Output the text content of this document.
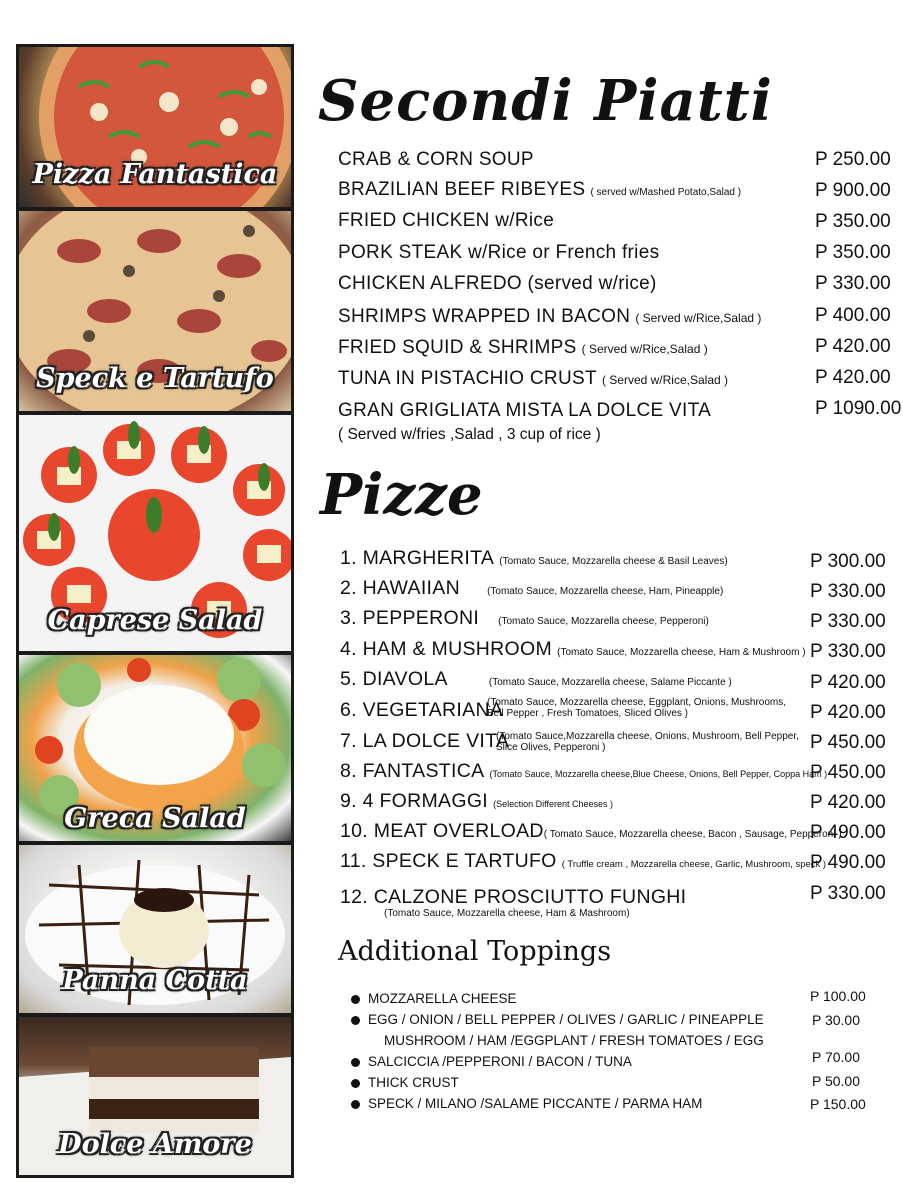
Pizza Fantastica
Speck e Tartufo
Caprese Salad
Greca Salad
Panna Cotta
Dolce Amore
Secondi Piatti
CRAB & CORN SOUP	P 250.00
BRAZILIAN BEEF RIBEYES ( served w/Mashed Potato,Salad )	P 900.00
FRIED CHICKEN w/Rice	P 350.00
PORK STEAK w/Rice or French fries	P 350.00
CHICKEN ALFREDO (served w/rice)	P 330.00
SHRIMPS WRAPPED IN BACON ( Served w/Rice,Salad )	P 400.00
FRIED SQUID & SHRIMPS ( Served w/Rice,Salad )	P 420.00
TUNA IN PISTACHIO CRUST ( Served w/Rice,Salad )	P 420.00
GRAN GRIGLIATA MISTA LA DOLCE VITA	P 1090.00
( Served w/fries ,Salad , 3 cup of rice )
Pizze
1. MARGHERITA (Tomato Sauce, Mozzarella cheese & Basil Leaves)	P 300.00
2. HAWAIIAN	(Tomato Sauce, Mozzarella cheese, Ham, Pineapple)	P 330.00
3. PEPPERONI (Tomato Sauce, Mozzarella cheese, Pepperoni)	P 330.00
4. HAM & MUSHROOM (Tomato Sauce, Mozzarella cheese, Ham & Mushroom ) P 330.00
5. DIAVOLA	(Tomato Sauce, Mozzarella cheese, Salame Piccante )	P 420.00
6. VEGETARIANA
(Tomato Sauce, Mozzarella cheese, Eggplant, Onions, Mushrooms,
Bell Pepper , Fresh Tomatoes, Sliced Olives )	P 420.00
7. LA DOLCE VITA
(Tomato Sauce,Mozzarella cheese, Onions, Mushroom, Bell Pepper,
Slice Olives, Pepperoni )	P 450.00
8. FANTASTICA (Tomato Sauce, Mozzarella cheese,Blue Cheese, Onions, Bell Pepper, Coppa Ham )
P 450.00
9. 4 FORMAGGI (Selection Different Cheeses )	P 420.00
10. MEAT OVERLOAD( Tomato Sauce, Mozzarella cheese, Bacon , Sausage, Pepperoni )
P 490.00
11. SPECK E TARTUFO ( Truffle cream , Mozzarella cheese, Garlic, Mushroom, speck )
P 490.00
12. CALZONE PROSCIUTTO FUNGHI
(Tomato Sauce, Mozzarella cheese, Ham & Mashroom)
P 330.00
Additional Toppings
MOZZARELLA CHEESE	P 100.00
EGG / ONION / BELL PEPPER / OLIVES / GARLIC / PINEAPPLE
MUSHROOM / HAM /EGGPLANT / FRESH TOMATOES / EGG
P 30.00
SALCICCIA /PEPPERONI / BACON / TUNA	P 70.00
THICK CRUST	P 50.00
SPECK / MILANO /SALAME PICCANTE / PARMA HAM	P 150.00
